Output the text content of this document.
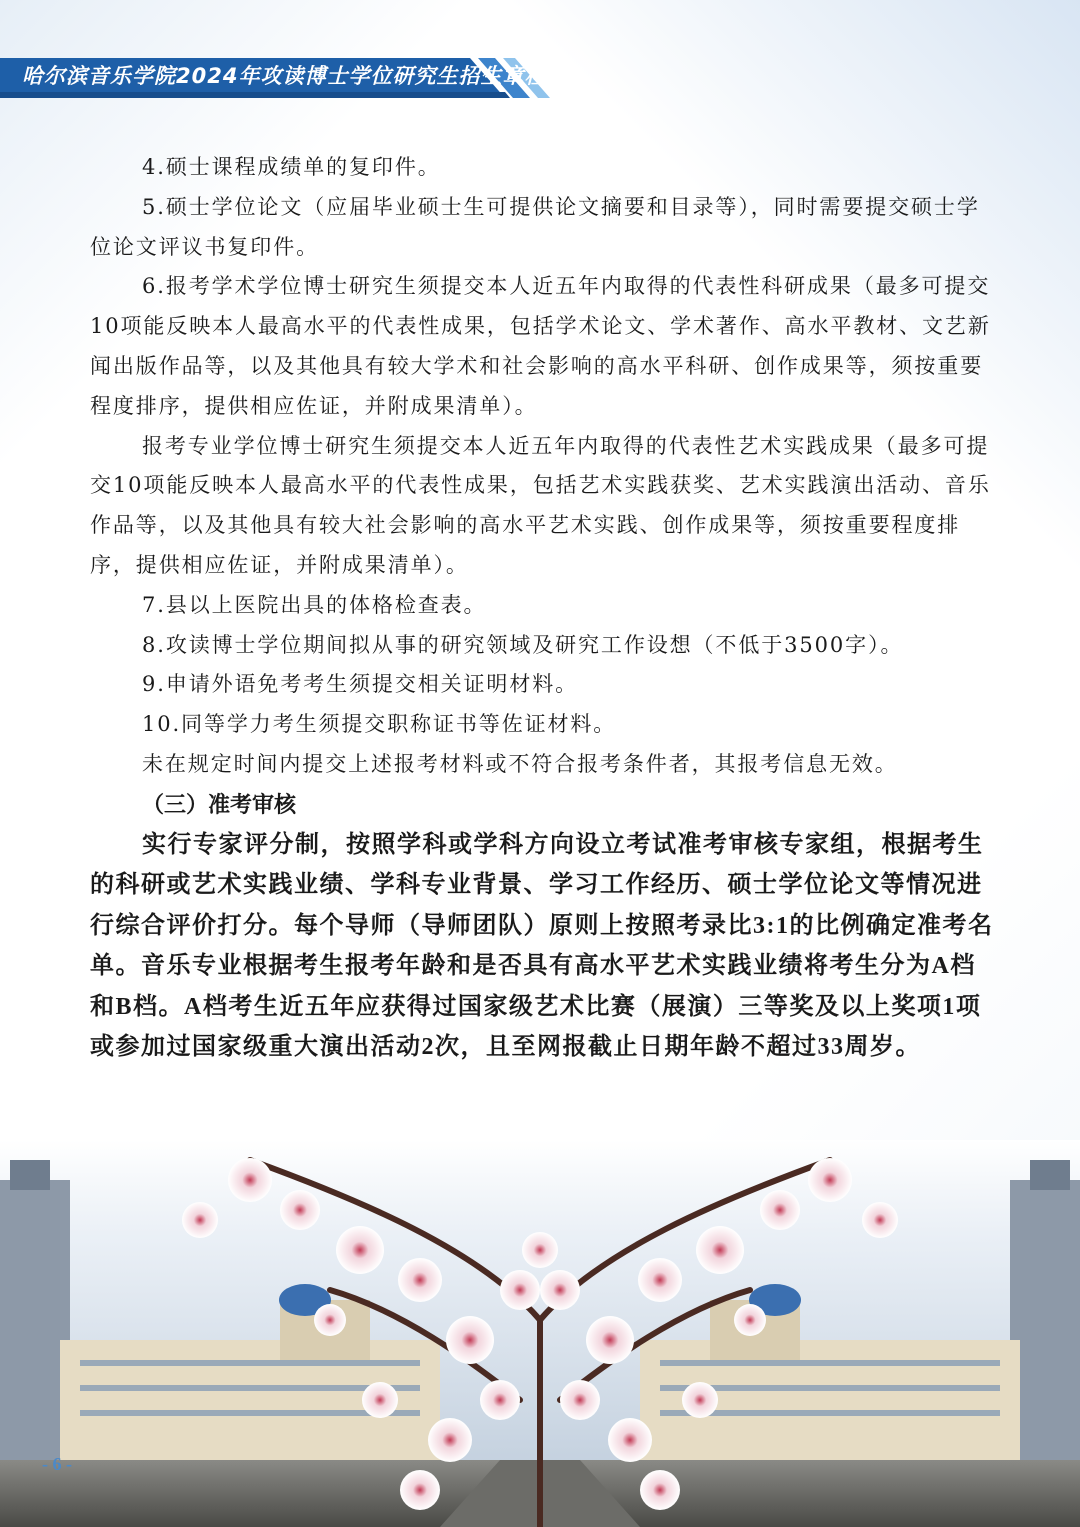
哈尔滨音乐学院2024年攻读博士学位研究生招生章程

4.硕士课程成绩单的复印件。

5.硕士学位论文（应届毕业硕士生可提供论文摘要和目录等），同时需要提交硕士学位论文评议书复印件。

6.报考学术学位博士研究生须提交本人近五年内取得的代表性科研成果（最多可提交10项能反映本人最高水平的代表性成果，包括学术论文、学术著作、高水平教材、文艺新闻出版作品等，以及其他具有较大学术和社会影响的高水平科研、创作成果等，须按重要程度排序，提供相应佐证，并附成果清单）。

报考专业学位博士研究生须提交本人近五年内取得的代表性艺术实践成果（最多可提交10项能反映本人最高水平的代表性成果，包括艺术实践获奖、艺术实践演出活动、音乐作品等，以及其他具有较大社会影响的高水平艺术实践、创作成果等，须按重要程度排序，提供相应佐证，并附成果清单）。

7.县以上医院出具的体格检查表。

8.攻读博士学位期间拟从事的研究领域及研究工作设想（不低于3500字）。

9.申请外语免考考生须提交相关证明材料。

10.同等学力考生须提交职称证书等佐证材料。

未在规定时间内提交上述报考材料或不符合报考条件者，其报考信息无效。

（三）准考审核

实行专家评分制，按照学科或学科方向设立考试准考审核专家组，根据考生的科研或艺术实践业绩、学科专业背景、学习工作经历、硕士学位论文等情况进行综合评价打分。每个导师（导师团队）原则上按照考录比3:1的比例确定准考名单。音乐专业根据考生报考年龄和是否具有高水平艺术实践业绩将考生分为A档和B档。A档考生近五年应获得过国家级艺术比赛（展演）三等奖及以上奖项1项或参加过国家级重大演出活动2次，且至网报截止日期年龄不超过33周岁。

- 6 -
